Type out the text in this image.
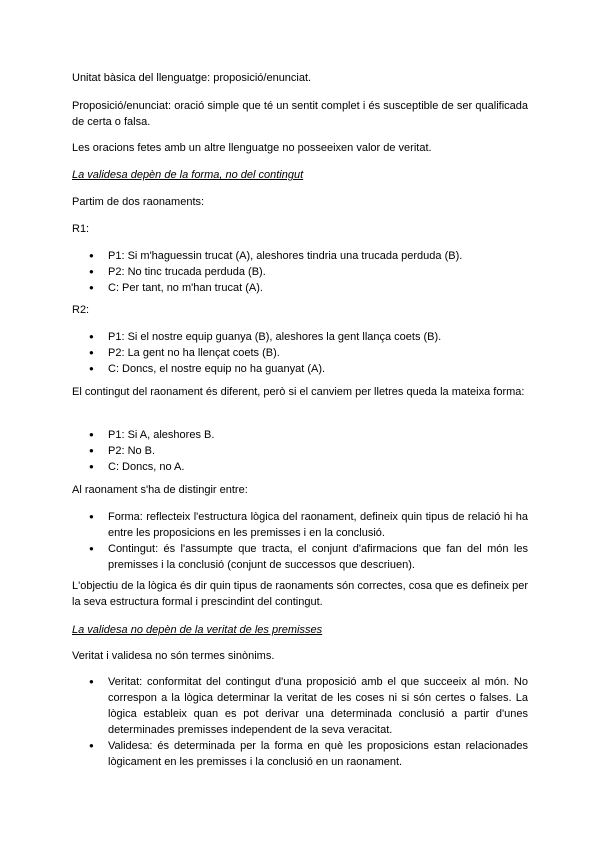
Unitat bàsica del llenguatge: proposició/enunciat.

Proposició/enunciat: oració simple que té un sentit complet i és susceptible de ser qualificada de certa o falsa.

Les oracions fetes amb un altre llenguatge no posseeixen valor de veritat.

La validesa depèn de la forma, no del contingut

Partim de dos raonaments:

R1:

● P1: Si m'haguessin trucat (A), aleshores tindria una trucada perduda (B).
● P2: No tinc trucada perduda (B).
● C: Per tant, no m'han trucat (A).

R2:

● P1: Si el nostre equip guanya (B), aleshores la gent llança coets (B).
● P2: La gent no ha llençat coets (B).
● C: Doncs, el nostre equip no ha guanyat (A).

El contingut del raonament és diferent, però si el canviem per lletres queda la mateixa forma:

● P1: Si A, aleshores B.
● P2: No B.
● C: Doncs, no A.

Al raonament s'ha de distingir entre:

● Forma: reflecteix l'estructura lògica del raonament, defineix quin tipus de relació hi ha entre les proposicions en les premisses i en la conclusió.
● Contingut: és l'assumpte que tracta, el conjunt d'afirmacions que fan del món les premisses i la conclusió (conjunt de successos que descriuen).

L'objectiu de la lògica és dir quin tipus de raonaments són correctes, cosa que es defineix per la seva estructura formal i prescindint del contingut.

La validesa no depèn de la veritat de les premisses

Veritat i validesa no són termes sinònims.

● Veritat: conformitat del contingut d'una proposició amb el que succeeix al món. No correspon a la lògica determinar la veritat de les coses ni si són certes o falses. La lògica estableix quan es pot derivar una determinada conclusió a partir d'unes determinades premisses independent de la seva veracitat.
● Validesa: és determinada per la forma en què les proposicions estan relacionades lògicament en les premisses i la conclusió en un raonament.
